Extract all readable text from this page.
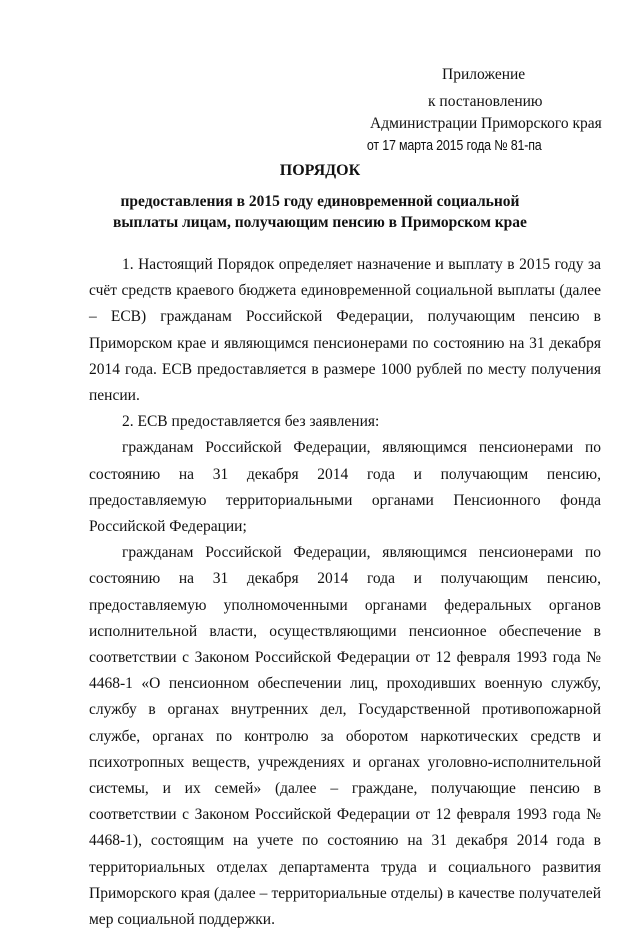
Приложение
к постановлению
Администрации Приморского края
от 17 марта 2015 года № 81-па
ПОРЯДОК
предоставления в 2015 году единовременной социальной
выплаты лицам, получающим пенсию в Приморском крае

1. Настоящий Порядок определяет назначение и выплату в 2015 году за счёт средств краевого бюджета единовременной социальной выплаты (далее – ЕСВ) гражданам Российской Федерации, получающим пенсию в Приморском крае и являющимся пенсионерами по состоянию на 31 декабря 2014 года. ЕСВ предоставляется в размере 1000 рублей по месту получения пенсии.

2. ЕСВ предоставляется без заявления:

гражданам Российской Федерации, являющимся пенсионерами по состоянию на 31 декабря 2014 года и получающим пенсию, предоставляемую территориальными органами Пенсионного фонда Российской Федерации;

гражданам Российской Федерации, являющимся пенсионерами по состоянию на 31 декабря 2014 года и получающим пенсию, предоставляемую уполномоченными органами федеральных органов исполнительной власти, осуществляющими пенсионное обеспечение в соответствии с Законом Российской Федерации от 12 февраля 1993 года № 4468-1 «О пенсионном обеспечении лиц, проходивших военную службу, службу в органах внутренних дел, Государственной противопожарной службе, органах по контролю за оборотом наркотических средств и психотропных веществ, учреждениях и органах уголовно-исполнительной системы, и их семей» (далее – граждане, получающие пенсию в соответствии с Законом Российской Федерации от 12 февраля 1993 года № 4468-1), состоящим на учете по состоянию на 31 декабря 2014 года в территориальных отделах департамента труда и социального развития Приморского края (далее – территориальные отделы) в качестве получателей мер социальной поддержки.
